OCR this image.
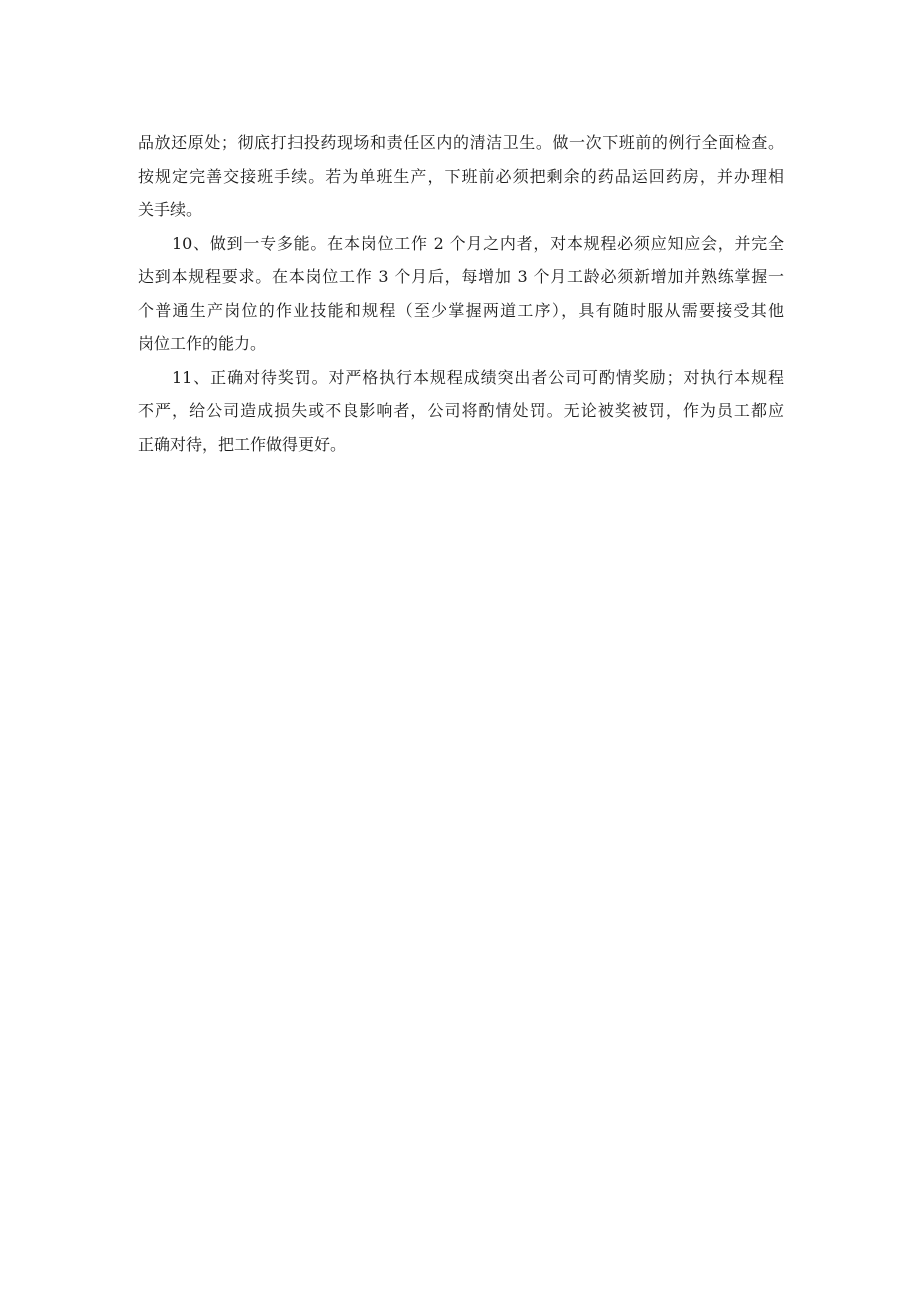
品放还原处；彻底打扫投药现场和责任区内的清洁卫生。做一次下班前的例行全面检查。
按规定完善交接班手续。若为单班生产，下班前必须把剩余的药品运回药房，并办理相
关手续。

10、做到一专多能。在本岗位工作 2 个月之内者，对本规程必须应知应会，并完全
达到本规程要求。在本岗位工作 3 个月后，每增加 3 个月工龄必须新增加并熟练掌握一
个普通生产岗位的作业技能和规程（至少掌握两道工序），具有随时服从需要接受其他
岗位工作的能力。

11、正确对待奖罚。对严格执行本规程成绩突出者公司可酌情奖励；对执行本规程
不严，给公司造成损失或不良影响者，公司将酌情处罚。无论被奖被罚，作为员工都应
正确对待，把工作做得更好。
